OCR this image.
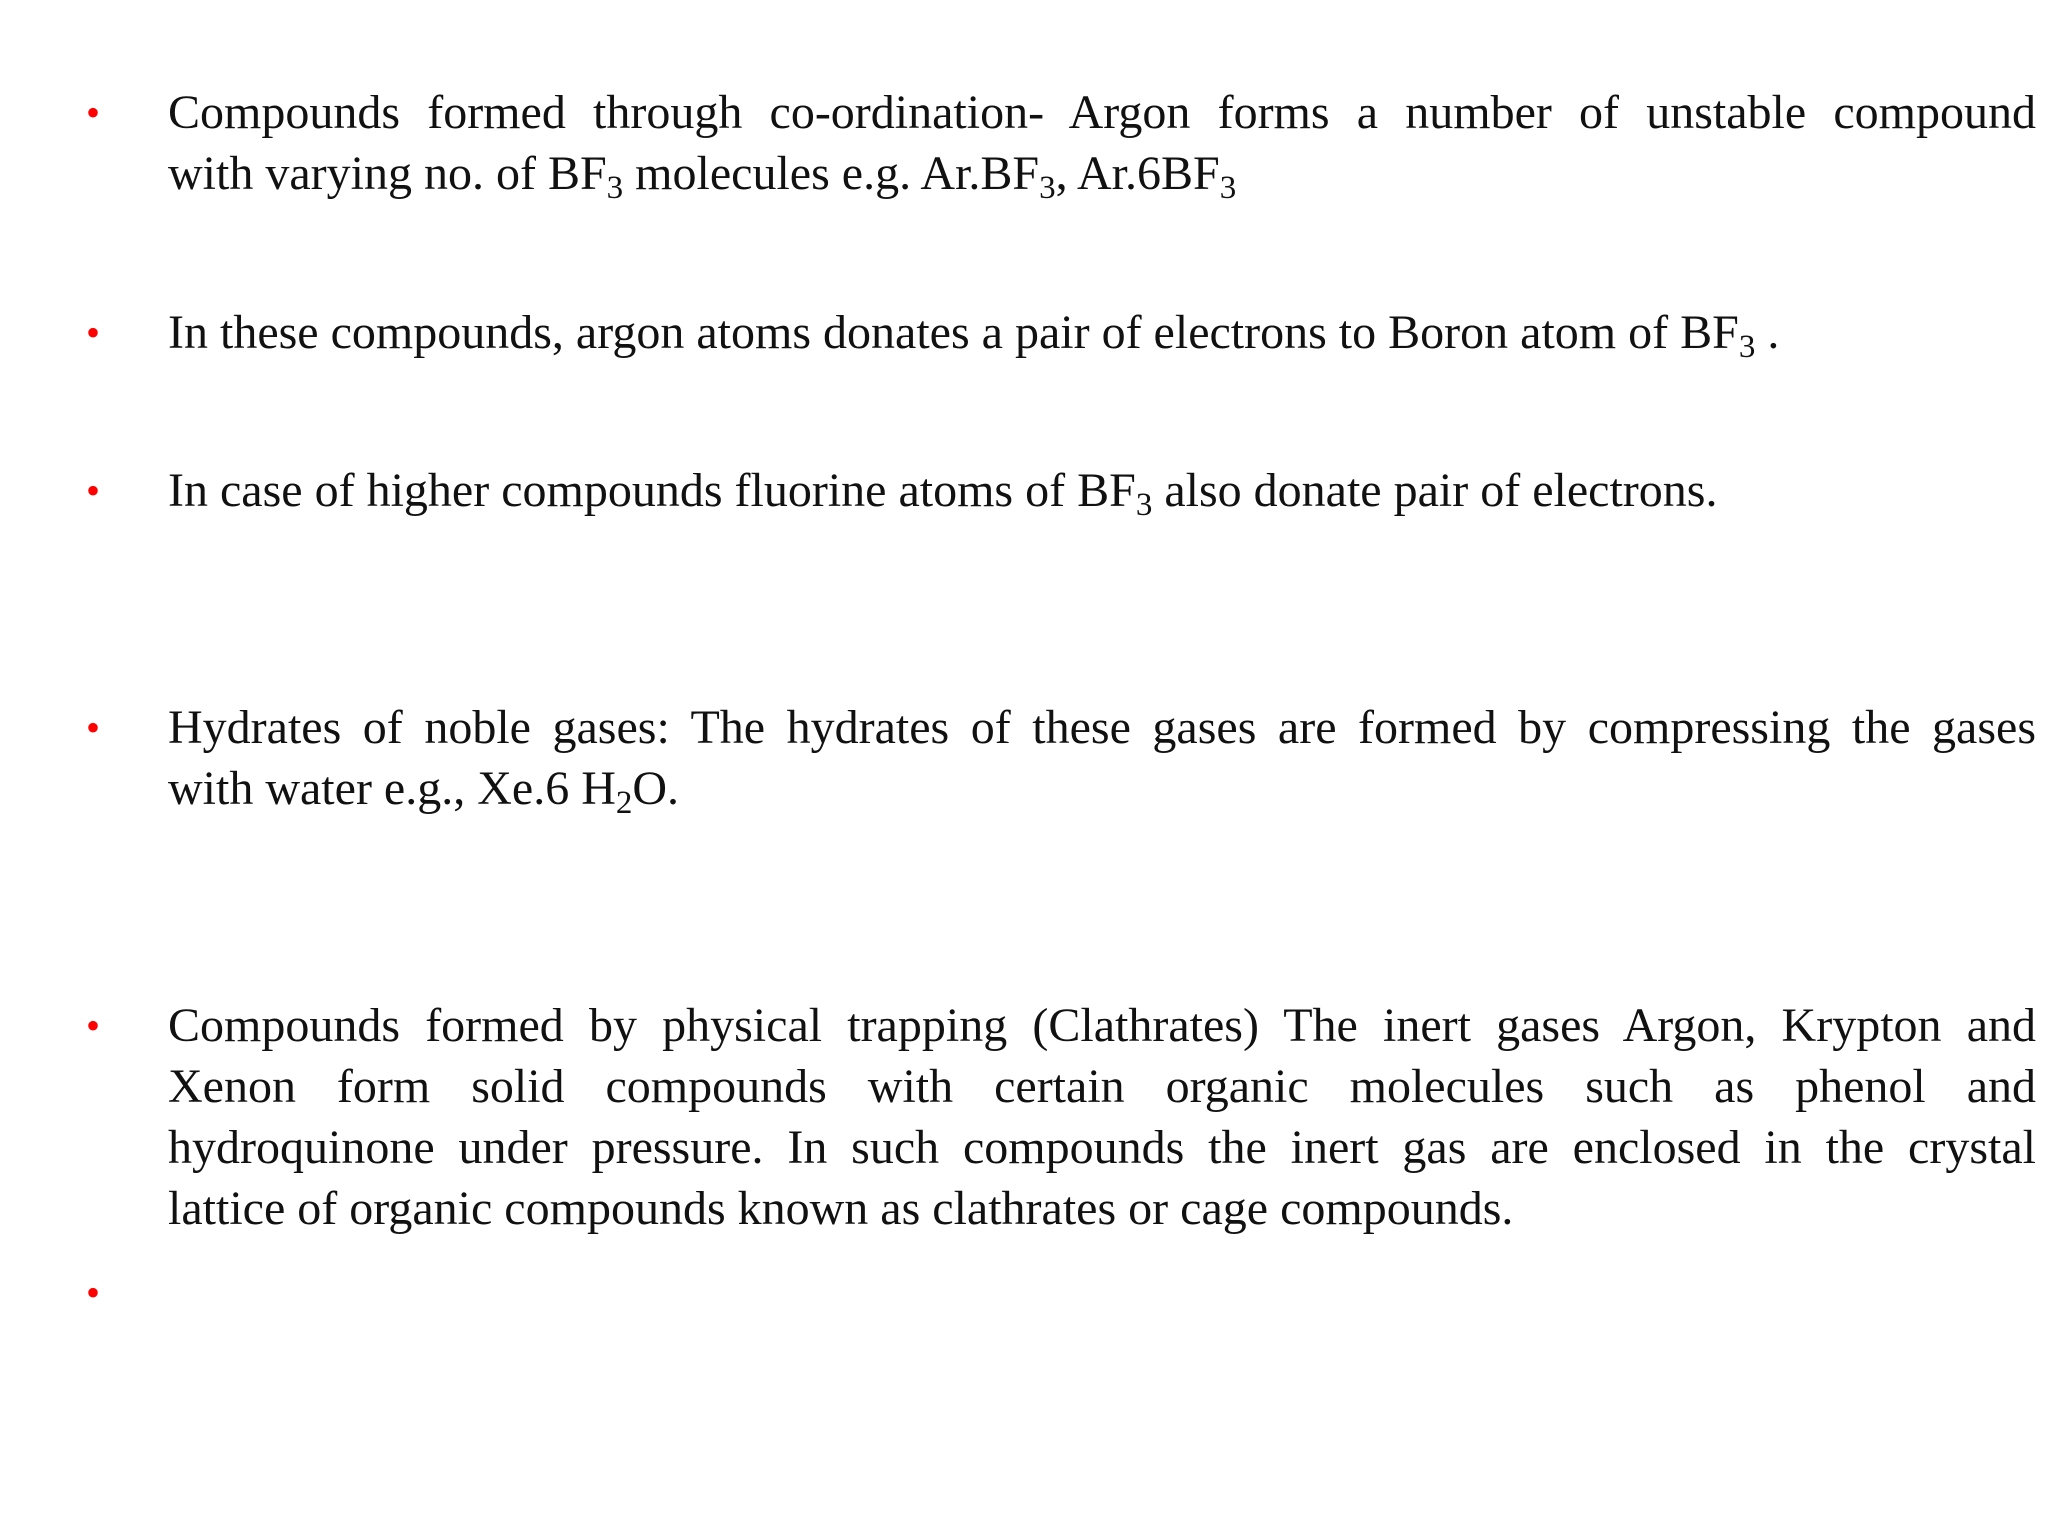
• Compounds formed through co-ordination- Argon forms a number of unstable compound
with varying no. of $BF_3$ molecules e.g. $Ar.BF_3$, $Ar.6BF_3$
• In these compounds, argon atoms donates a pair of electrons to Boron atom of $BF_3$ .
• In case of higher compounds fluorine atoms of $BF_3$ also donate pair of electrons.
• Hydrates of noble gases: The hydrates of these gases are formed by compressing the gases
with water e.g., Xe.6 $H_2O$.
• Compounds formed by physical trapping (Clathrates) The inert gases Argon, Krypton and
Xenon form solid compounds with certain organic molecules such as phenol and
hydroquinone under pressure. In such compounds the inert gas are enclosed in the crystal
lattice of organic compounds known as clathrates or cage compounds.
•
